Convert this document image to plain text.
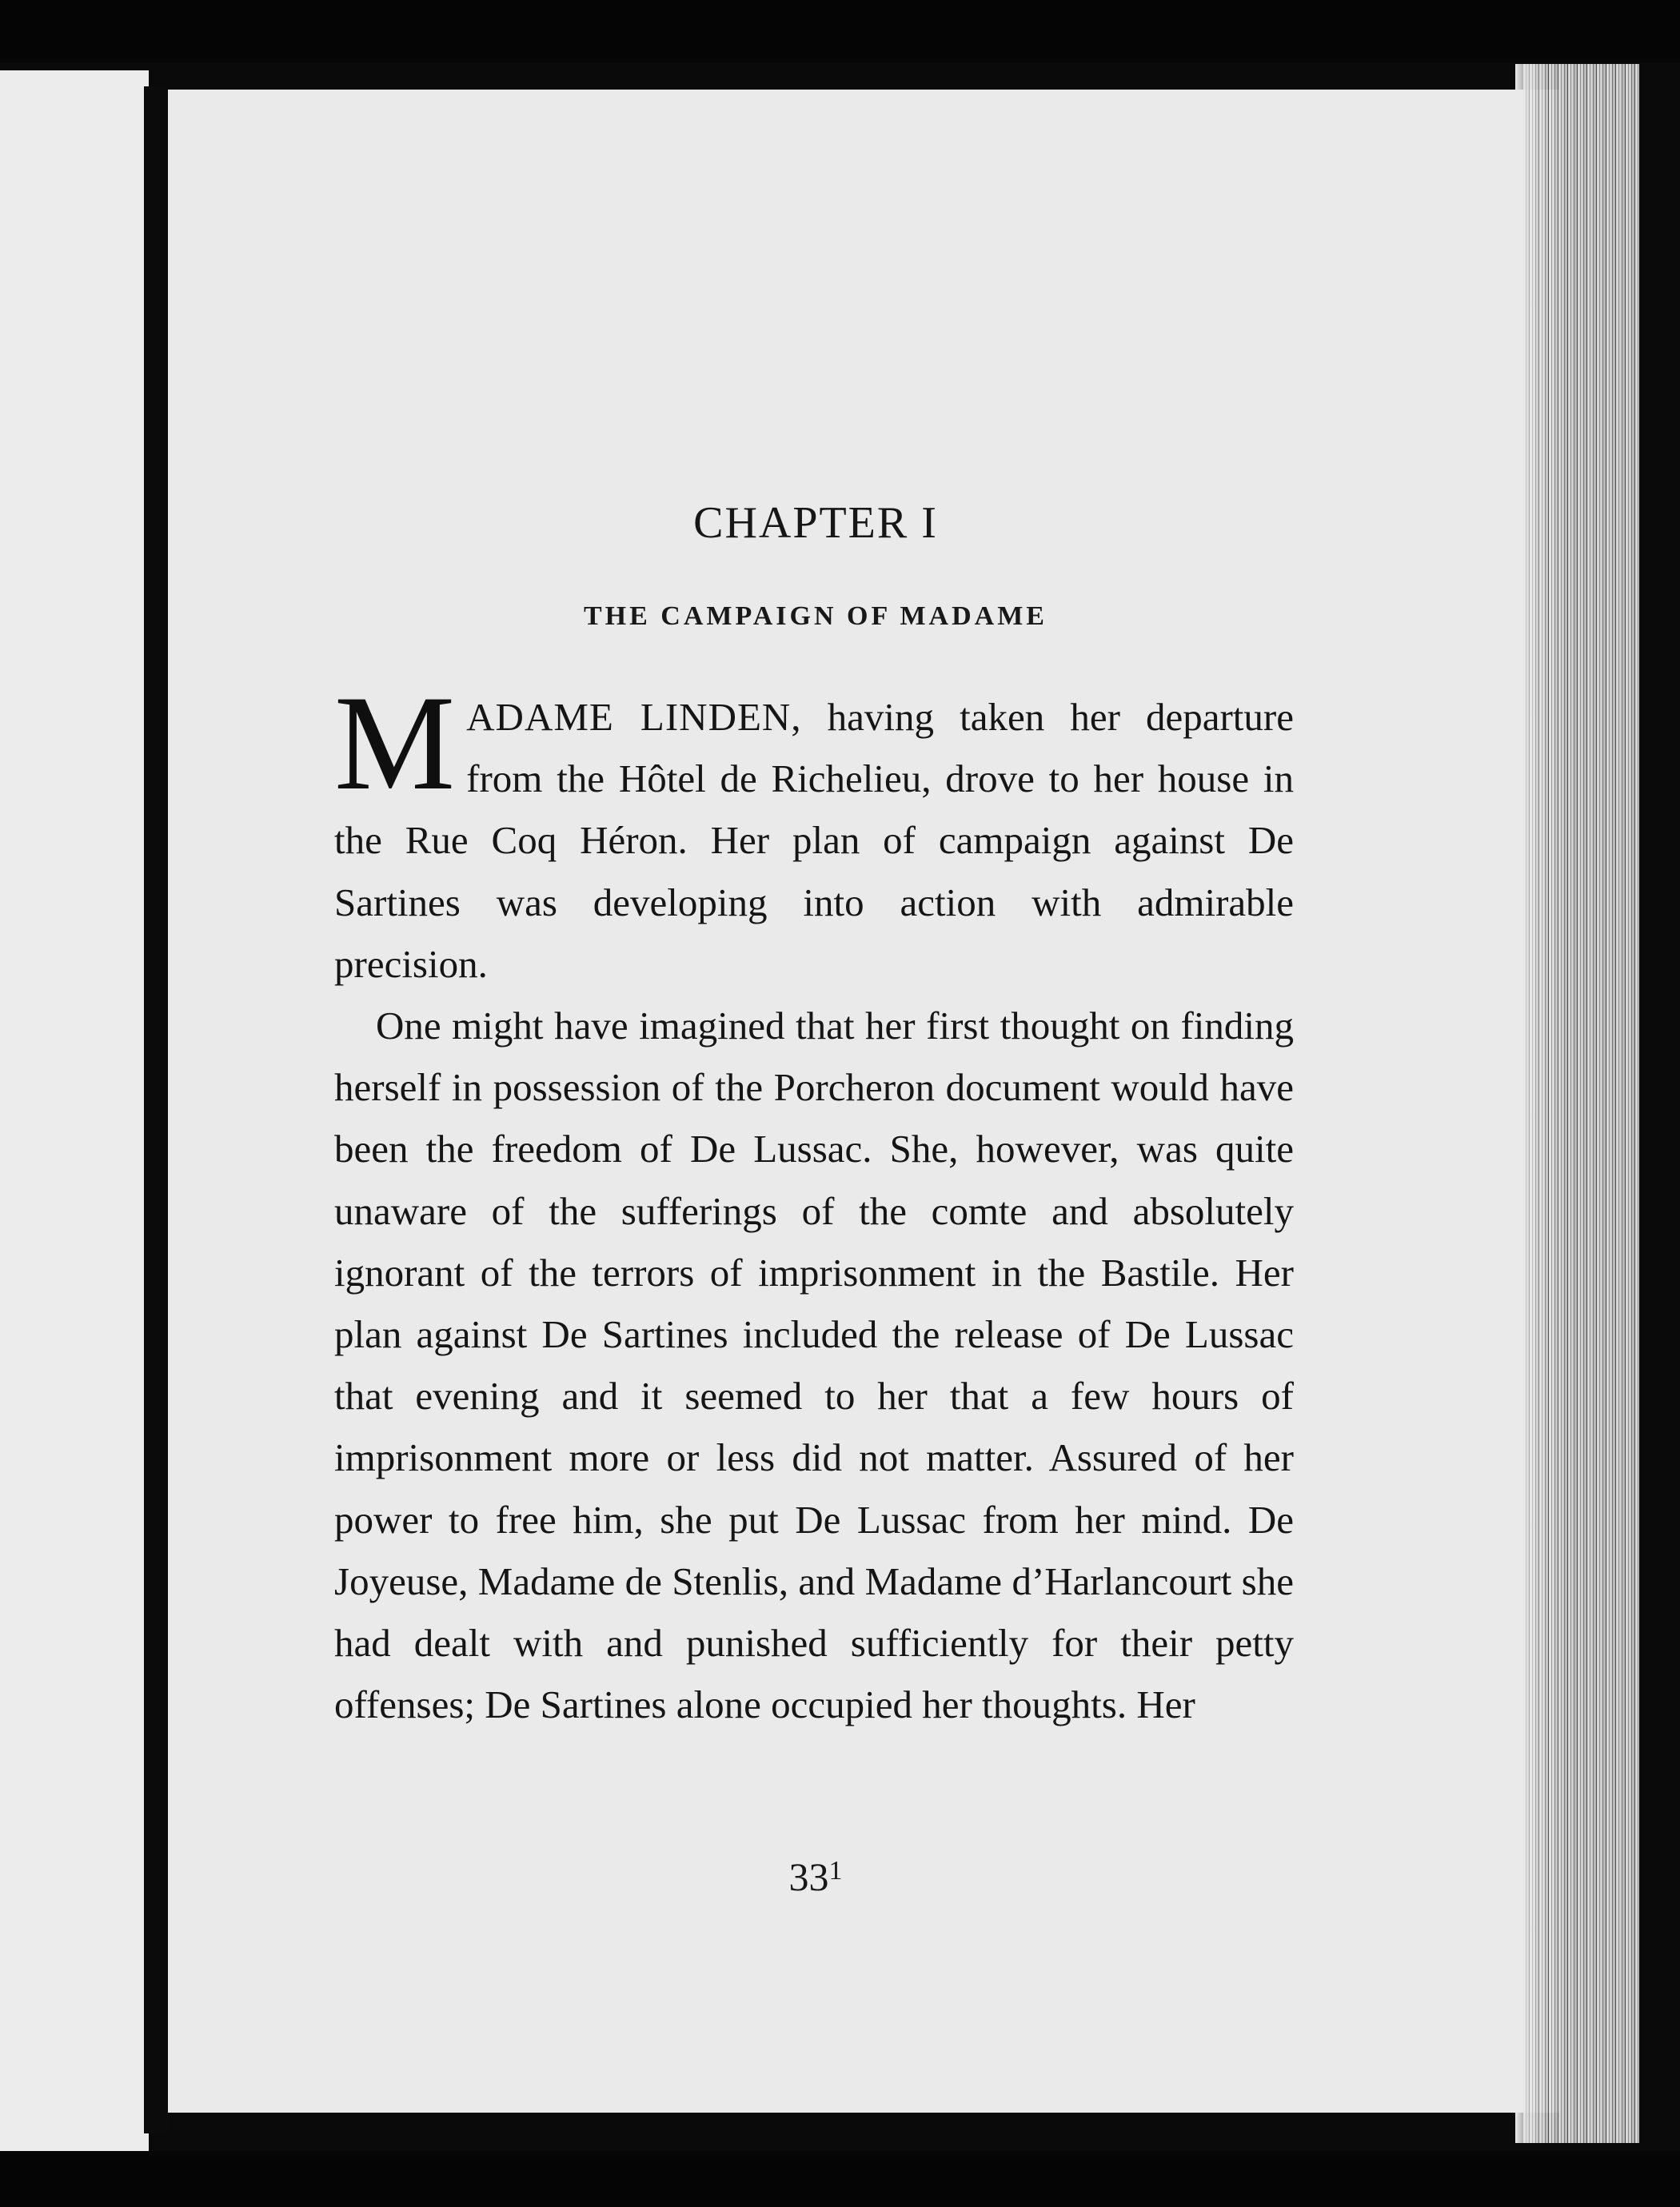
CHAPTER I
THE CAMPAIGN OF MADAME

MADAME LINDEN, having taken her departure from the Hôtel de Richelieu, drove to her house in the Rue Coq Héron. Her plan of campaign against De Sartines was developing into action with admirable precision.

One might have imagined that her first thought on finding herself in possession of the Porcheron document would have been the freedom of De Lussac. She, however, was quite unaware of the sufferings of the comte and absolutely ignorant of the terrors of imprisonment in the Bastile. Her plan against De Sartines included the release of De Lussac that evening and it seemed to her that a few hours of imprisonment more or less did not matter. Assured of her power to free him, she put De Lussac from her mind. De Joyeuse, Madame de Stenlis, and Madame d’Harlancourt she had dealt with and punished sufficiently for their petty offenses; De Sartines alone occupied her thoughts. Her

$33^1$
